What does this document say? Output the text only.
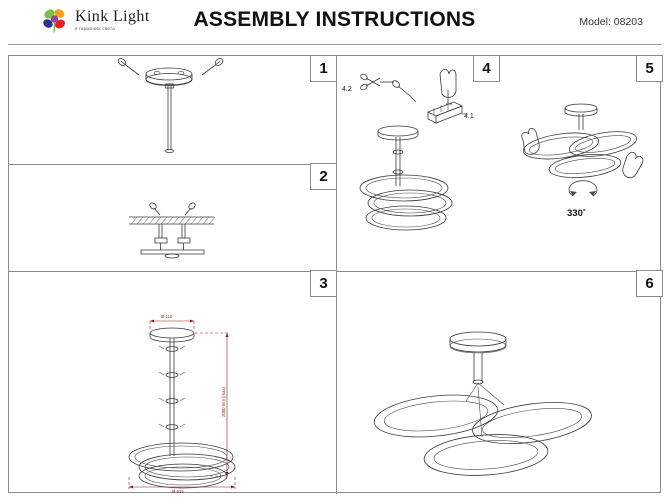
Kink Light
в гармонии света	ASSEMBLY INSTRUCTIONS	Model: 08203
1
2
3
Ø 110
2000 mm (max)
Ø 615
4
4.2
4.1
5
330˚
6
